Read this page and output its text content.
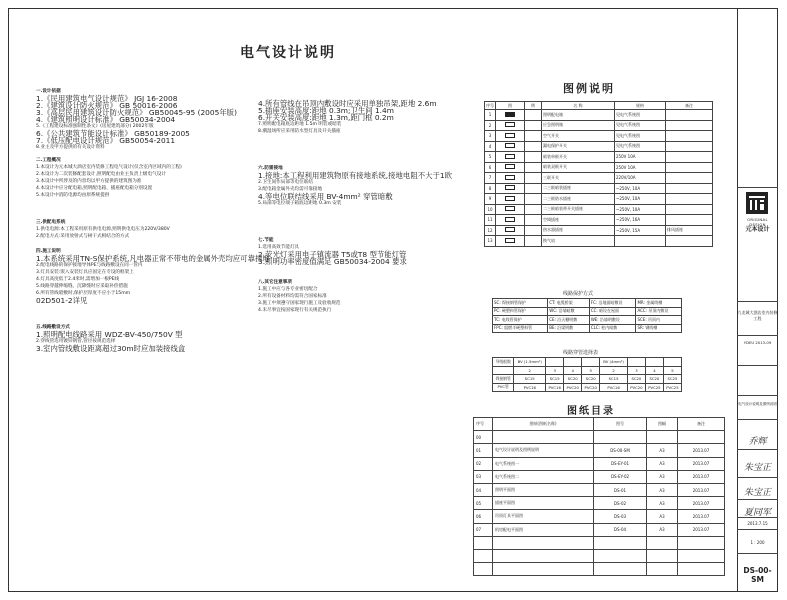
电气设计说明
一.设计依据
1.《民用建筑电气设计规范》 JGJ 16-2008
2.《建筑设计防火规范》 GB 50016-2006
3.《高层民用建筑设计防火规范》 GB50045-95 (2005年版)
4.《建筑照明设计标准》 GB50034-2004
5.《工程建设标准强制性条文》(房屋建筑部分) 2002年版
6.《公共建筑节能设计标准》 GB50189-2005
7.《低压配电设计规范》 GB50054-2011
8.业主及甲方提供的有关设计资料
二.工程概况
1.本设计为元本城大酒店室内装修工程电气设计(仅含室内区域内的工程)
2.本设计为二次装修配套设计,照明配电由业主负责上级电气设计
3.本设计中所涉及的内容均以甲方提供的建筑图为准
4.本设计中应分配电箱,照明配电箱、插座配电箱分别设置
5.本设计中消防电源均由原系统提供
三.供配电系统
1.供电电源:本工程采用原有供电电源,照明供电电压为220V/380V
2.配电方式:采用放射式与树干式相结合的方式
四.施工说明
1.本系统采用TN-S保护系统,凡电器正常不带电的金属外壳均应可靠接地
2.配电线路的保护接地导体PE与线路敷设在同一管内
3.灯具安装:嵌入安装灯具应固定在专设的框架上
4.灯具高度低于2.4米时,需增加一根PE线
5.线路穿越伸缩缝、沉降缝时应采取补偿措施
6.所有管线暗敷时,保护层厚度不应小于15mm
02D501-2详见
五.线路敷设方式
1.照明配电线路采用 WDZ-BV-450/750V 型
2.穿线管选用镀锌钢管,管径按规范选择
3.室内管线敷设距离超过30m时应加装接线盒
4.所有管线在吊顶内敷设时应采用单独吊架,距地 2.6m
5.插座安装高度:距地 0.3m;卫生间 1.4m
6.开关安装高度:距地 1.3m,距门框 0.2m
7.照明配电箱底边距地 1.5m 明装或暗装
8.潮湿场所应采用防水型灯具及开关插座
六.防雷接地
1.接地:本工程利用建筑物原有接地系统,接地电阻不大于1欧
2.卫生间作局部等电位联结
3.配电箱金属外壳均需可靠接地
4.等电位联结线采用 BV-4mm² 穿管暗敷
5.局部等电位端子箱底边距地 0.3m 安装
七.节能
1.选用高效节能灯具
2.荧光灯采用电子镇流器 T5或T8 型节能灯管
3.照明功率密度值满足 GB50034-2004 要求
八.其它注意事项
1.施工中应与各专业密切配合
2.所有设备材料均需符合国家标准
3.施工中须遵守国家现行施工及验收规范
4.未尽事宜按国家现行有关规范执行
图例说明
序号	图	例	名 称	规格	备注
1			照明配电箱	见电气系统图	
2			应急照明箱	见电气系统图	
3			空气开关	见电气系统图	
4			漏电保护开关	见电气系统图	
5			暗装单极开关	250V 10A	
6			暗装双极开关	250V 10A	
7			三联开关	220V/10A	
8			二三极暗装插座	~250V, 10A	
9			二三极防水插座	~250V, 10A	
10			二三极暗装带开关插座	~250V, 10A	
11			空调插座	~250V, 16A	
12			热水器插座	~250V, 15A	排风插座
13			换气扇		
线路保护方式
SC: 焊接钢管保护	CT: 电缆桥架	FC: 沿地面暗敷设	MR: 金属线槽
PC: 硬塑料管保护	WC: 沿墙暗敷	CC: 暗设在屋面	ACC: 吊顶内敷设
TC: 电线管保护	CE: 沿天棚明敷	WE: 沿墙明敷设	SCE: 吊顶内
FPC: 阻燃半硬塑料管	BE: 沿梁明敷	CLC: 柱内暗敷	SR: 钢线槽
线路穿管选择表
导线根数	BV (1.5mm²)				BV (4mm²)			
	2	3	4	5	2	3	4	5
焊接钢管	SC15	SC15	SC20	SC20	SC15	SC20	SC20	SC25
PVC管	PVC16	PVC16	PVC20	PVC20	PVC16	PVC20	PVC25	PVC25
图纸目录
序号	图纸(图纸名称)	图号	图幅	备注
00				
01	电气设计说明及图例说明	DS-00-SM	A3	2013.07
02	电气系统图一	DS-EY-01	A3	2013.07
03	电气系统图二	DS-EY-02	A3	2013.07
04	照明平面图	DS-01	A3	2013.07
05	插座平面图	DS-02	A3	2013.07
06	吊顶灯具平面图	DS-03	A3	2013.07
07	机房配电平面图	DS-04	A3	2013.07

ORIGINAL DESIGN
元本设计
九龙城大酒店室内装修工程
YDEU 2013-09
电气设计说明及图例说明
乔辉
朱宝正
朱宝正
夏同军
2013.7.15
1 : 200
DS-00-SM
